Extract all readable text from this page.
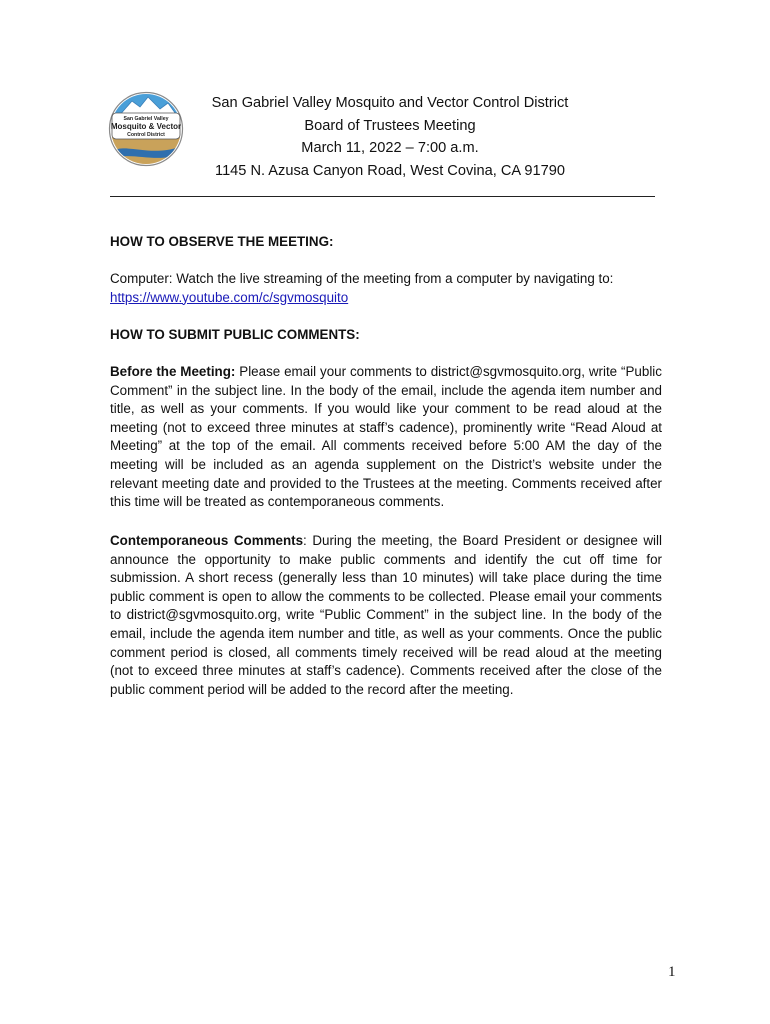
San Gabriel Valley
Mosquito & Vector
Control District
San Gabriel Valley Mosquito and Vector Control District
Board of Trustees Meeting
March 11, 2022 – 7:00 a.m.
1145 N. Azusa Canyon Road, West Covina, CA 91790
HOW TO OBSERVE THE MEETING:
Computer: Watch the live streaming of the meeting from a computer by navigating to:
https://www.youtube.com/c/sgvmosquito
HOW TO SUBMIT PUBLIC COMMENTS:
Before the Meeting: Please email your comments to district@sgvmosquito.org, write “Public Comment” in the subject line. In the body of the email, include the agenda item number and title, as well as your comments. If you would like your comment to be read aloud at the meeting (not to exceed three minutes at staff’s cadence), prominently write “Read Aloud at Meeting” at the top of the email. All comments received before 5:00 AM the day of the meeting will be included as an agenda supplement on the District’s website under the relevant meeting date and provided to the Trustees at the meeting. Comments received after this time will be treated as contemporaneous comments.
Contemporaneous Comments: During the meeting, the Board President or designee will announce the opportunity to make public comments and identify the cut off time for submission. A short recess (generally less than 10 minutes) will take place during the time public comment is open to allow the comments to be collected. Please email your comments to district@sgvmosquito.org, write “Public Comment” in the subject line. In the body of the email, include the agenda item number and title, as well as your comments. Once the public comment period is closed, all comments timely received will be read aloud at the meeting (not to exceed three minutes at staff’s cadence). Comments received after the close of the public comment period will be added to the record after the meeting.
1
